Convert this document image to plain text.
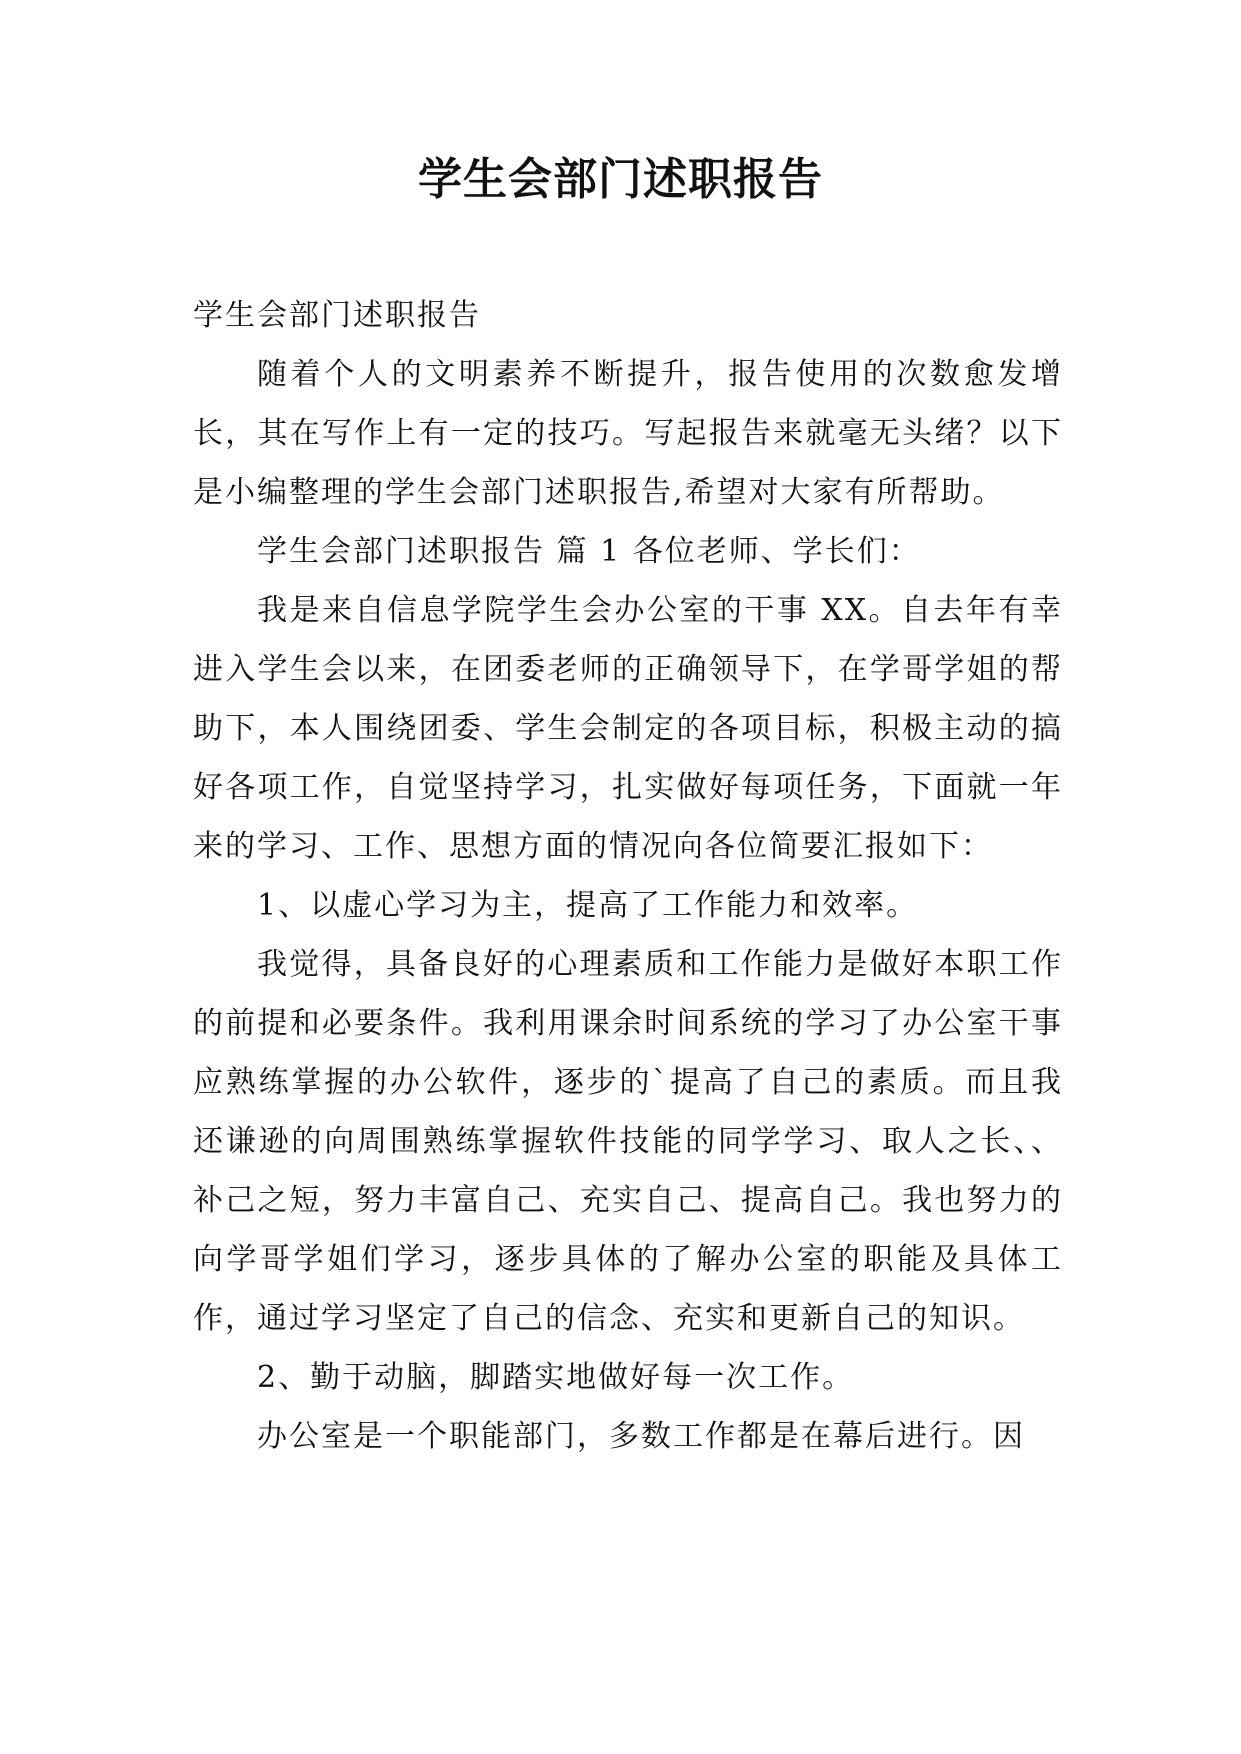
学生会部门述职报告

学生会部门述职报告

随着个人的文明素养不断提升，报告使用的次数愈发增长，其在写作上有一定的技巧。写起报告来就毫无头绪？以下是小编整理的学生会部门述职报告,希望对大家有所帮助。

学生会部门述职报告 篇 1 各位老师、学长们：

我是来自信息学院学生会办公室的干事 XX。自去年有幸进入学生会以来，在团委老师的正确领导下，在学哥学姐的帮助下，本人围绕团委、学生会制定的各项目标，积极主动的搞好各项工作，自觉坚持学习，扎实做好每项任务，下面就一年来的学习、工作、思想方面的情况向各位简要汇报如下：

1、以虚心学习为主，提高了工作能力和效率。

我觉得，具备良好的心理素质和工作能力是做好本职工作的前提和必要条件。我利用课余时间系统的学习了办公室干事应熟练掌握的办公软件，逐步的`提高了自己的素质。而且我还谦逊的向周围熟练掌握软件技能的同学学习、取人之长、、补己之短，努力丰富自己、充实自己、提高自己。我也努力的向学哥学姐们学习，逐步具体的了解办公室的职能及具体工作，通过学习坚定了自己的信念、充实和更新自己的知识。

2、勤于动脑，脚踏实地做好每一次工作。

办公室是一个职能部门，多数工作都是在幕后进行。因
